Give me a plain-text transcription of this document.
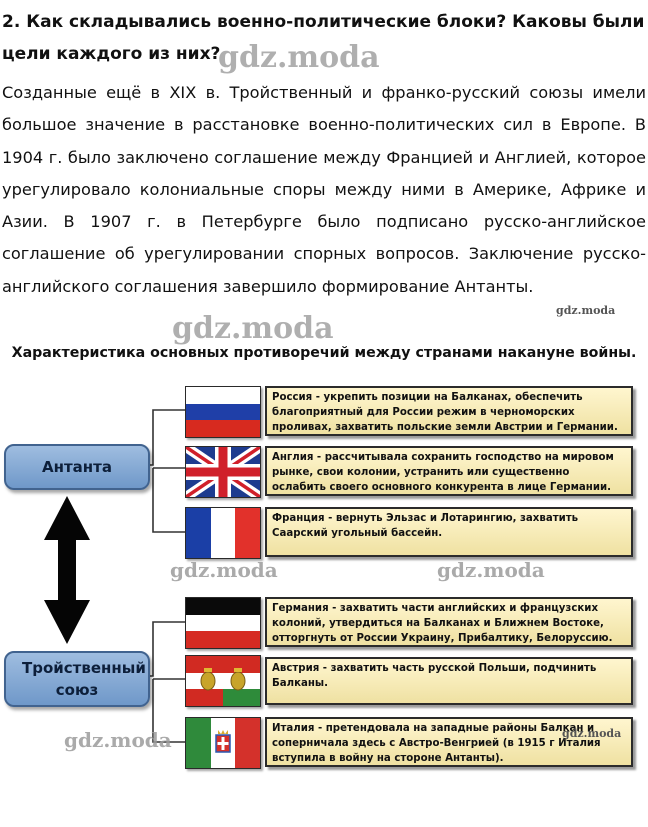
2. Как складывались военно-политические блоки? Каковы были цели каждого из них?

Созданные ещё в XIX в. Тройственный и франко-русский союзы имели большое значение в расстановке военно-политических сил в Европе. В 1904 г. было заключено соглашение между Францией и Англией, которое урегулировало колониальные споры между ними в Америке, Африке и Азии. В 1907 г. в Петербурге было подписано русско-английское соглашение об урегулировании спорных вопросов. Заключение русско-английского соглашения завершило формирование Антанты.

Характеристика основных противоречий между странами накануне войны.

Антанта
Тройственный союз
Россия - укрепить позиции на Балканах, обеспечить благоприятный для России режим в черноморских проливах, захватить польские земли Австрии и Германии.
Англия - рассчитывала сохранить господство на мировом рынке, свои колонии, устранить или существенно ослабить своего основного конкурента в лице Германии.
Франция - вернуть Эльзас и Лотарингию, захватить Саарский угольный бассейн.
Германия - захватить части английских и французских колоний, утвердиться на Балканах и Ближнем Востоке, отторгнуть от России Украину, Прибалтику, Белоруссию.
Австрия - захватить часть русской Польши, подчинить Балканы.
Италия - претендовала на западные районы Балкан и соперничала здесь с Австро-Венгрией (в 1915 г Италия вступила в войну на стороне Антанты).
gdz.moda
gdz.moda
gdz.moda
gdz.moda	gdz.moda
gdz.moda	gdz.moda
